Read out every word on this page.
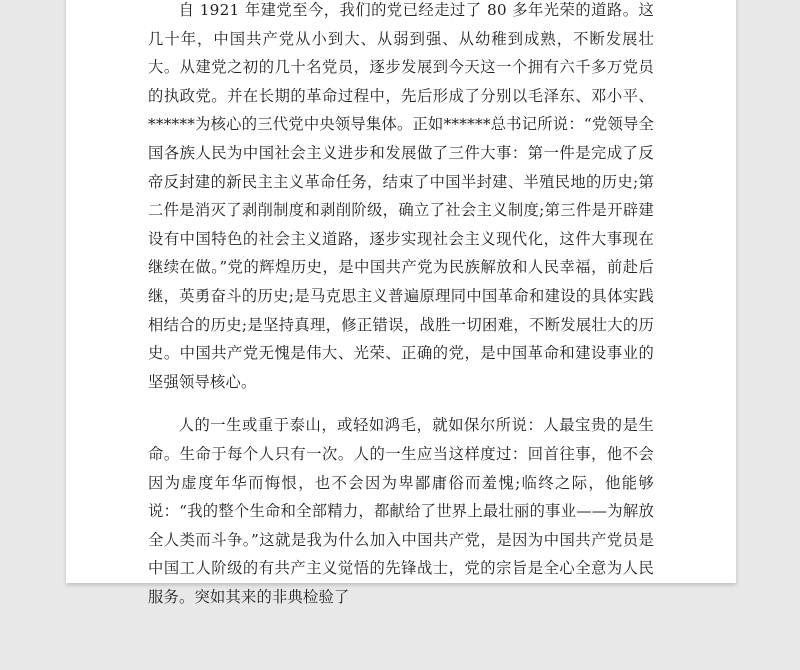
自 1921 年建党至今，我们的党已经走过了 80 多年光荣的道路。这几十年，中国共产党从小到大、从弱到强、从幼稚到成熟，不断发展壮大。从建党之初的几十名党员，逐步发展到今天这一个拥有六千多万党员的执政党。并在长期的革命过程中，先后形成了分别以毛泽东、邓小平、******为核心的三代党中央领导集体。正如******总书记所说：“党领导全国各族人民为中国社会主义进步和发展做了三件大事：第一件是完成了反帝反封建的新民主主义革命任务，结束了中国半封建、半殖民地的历史;第二件是消灭了剥削制度和剥削阶级，确立了社会主义制度;第三件是开辟建设有中国特色的社会主义道路，逐步实现社会主义现代化，这件大事现在继续在做。”党的辉煌历史，是中国共产党为民族解放和人民幸福，前赴后继，英勇奋斗的历史;是马克思主义普遍原理同中国革命和建设的具体实践相结合的历史;是坚持真理，修正错误，战胜一切困难，不断发展壮大的历史。中国共产党无愧是伟大、光荣、正确的党，是中国革命和建设事业的坚强领导核心。

人的一生或重于泰山，或轻如鸿毛，就如保尔所说：人最宝贵的是生命。生命于每个人只有一次。人的一生应当这样度过：回首往事，他不会因为虚度年华而悔恨，也不会因为卑鄙庸俗而羞愧;临终之际，他能够说：“我的整个生命和全部精力，都献给了世界上最壮丽的事业——为解放全人类而斗争。”这就是我为什么加入中国共产党，是因为中国共产党员是中国工人阶级的有共产主义觉悟的先锋战士，党的宗旨是全心全意为人民服务。突如其来的非典检验了
